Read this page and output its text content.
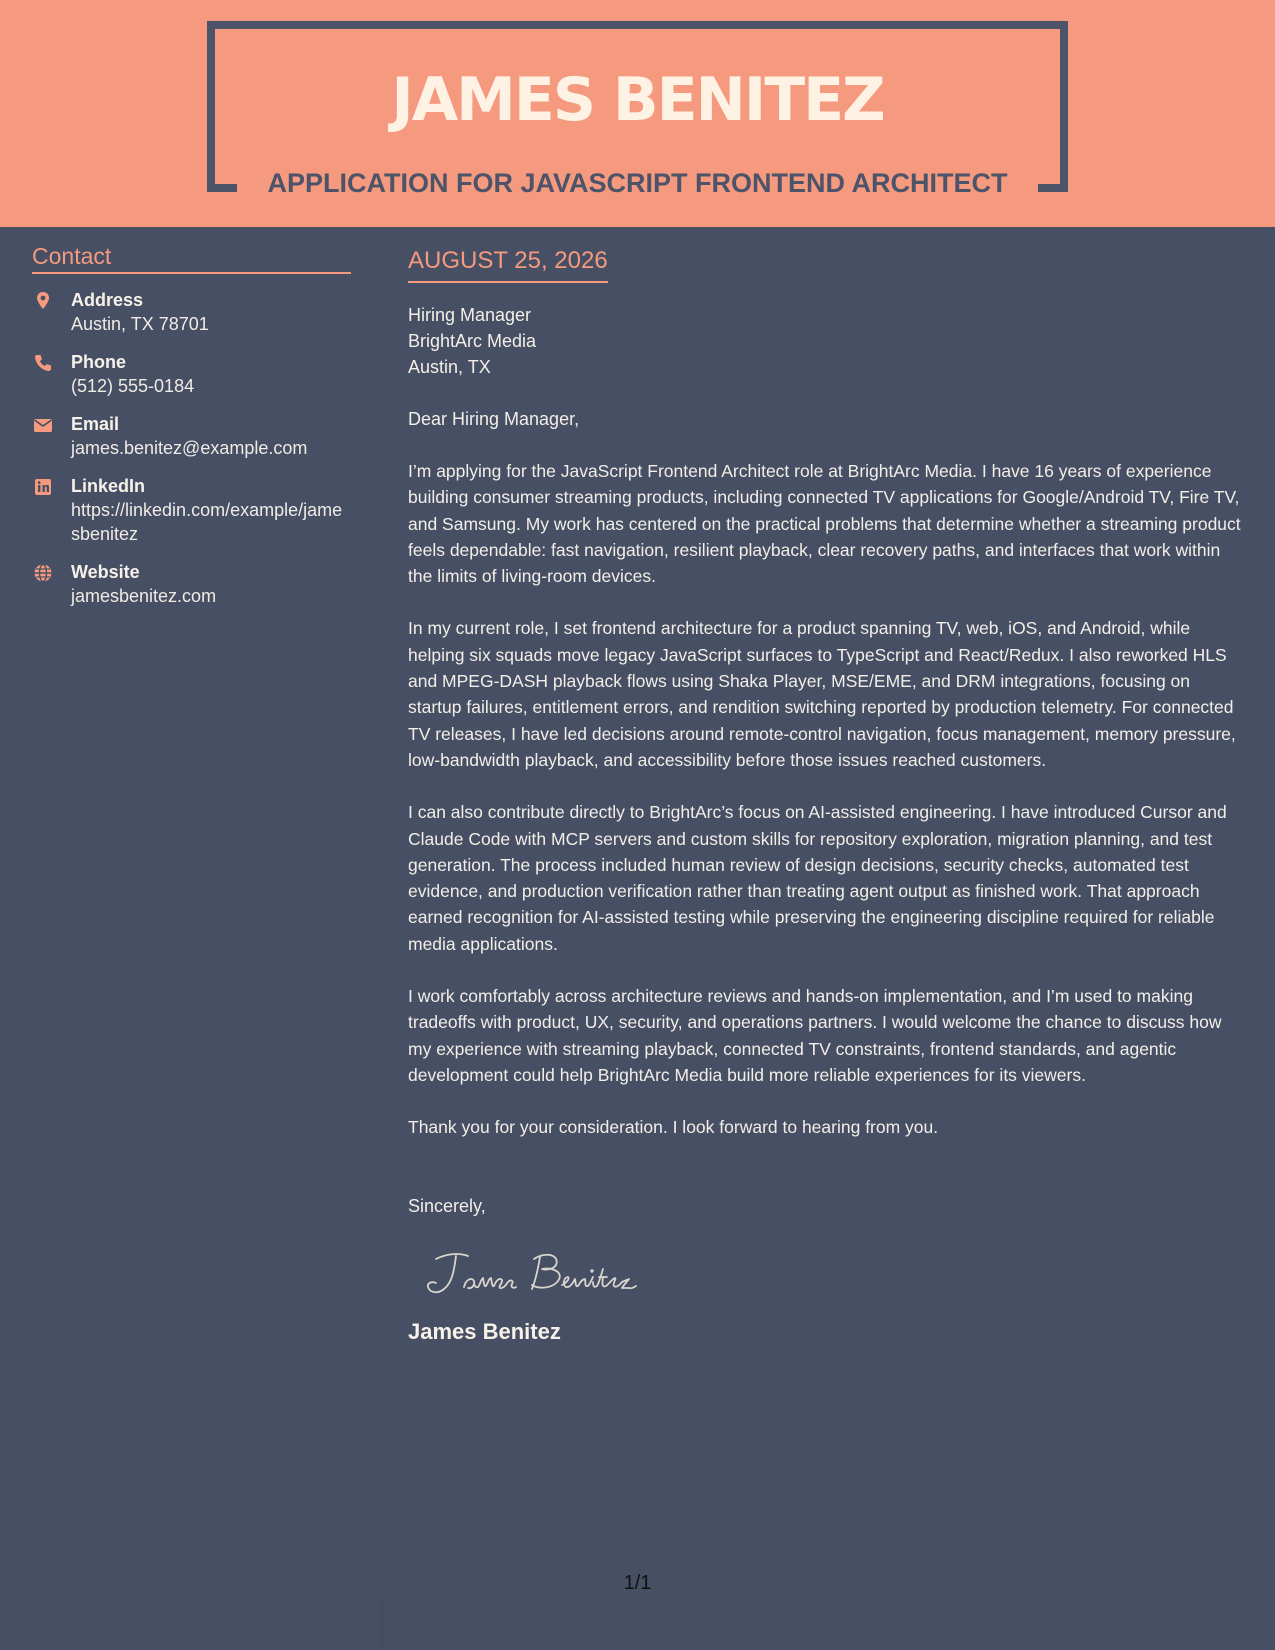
JAMES BENITEZ
APPLICATION FOR JAVASCRIPT FRONTEND ARCHITECT
Contact
Address
Austin, TX 78701
Phone
(512) 555-0184
Email
james.benitez@example.com
LinkedIn
https://linkedin.com/example/jamesbenitez
Website
jamesbenitez.com
AUGUST 25, 2026
Hiring Manager
BrightArc Media
Austin, TX
Dear Hiring Manager,
I’m applying for the JavaScript Frontend Architect role at BrightArc Media. I have 16 years of experience building consumer streaming products, including connected TV applications for Google/Android TV, Fire TV, and Samsung. My work has centered on the practical problems that determine whether a streaming product feels dependable: fast navigation, resilient playback, clear recovery paths, and interfaces that work within the limits of living-room devices.
In my current role, I set frontend architecture for a product spanning TV, web, iOS, and Android, while helping six squads move legacy JavaScript surfaces to TypeScript and React/Redux. I also reworked HLS and MPEG-DASH playback flows using Shaka Player, MSE/EME, and DRM integrations, focusing on startup failures, entitlement errors, and rendition switching reported by production telemetry. For connected TV releases, I have led decisions around remote-control navigation, focus management, memory pressure, low-bandwidth playback, and accessibility before those issues reached customers.
I can also contribute directly to BrightArc’s focus on AI-assisted engineering. I have introduced Cursor and Claude Code with MCP servers and custom skills for repository exploration, migration planning, and test generation. The process included human review of design decisions, security checks, automated test evidence, and production verification rather than treating agent output as finished work. That approach earned recognition for AI-assisted testing while preserving the engineering discipline required for reliable media applications.
I work comfortably across architecture reviews and hands-on implementation, and I’m used to making tradeoffs with product, UX, security, and operations partners. I would welcome the chance to discuss how my experience with streaming playback, connected TV constraints, frontend standards, and agentic development could help BrightArc Media build more reliable experiences for its viewers.
Thank you for your consideration. I look forward to hearing from you.
Sincerely,
James Benitez
1/1
